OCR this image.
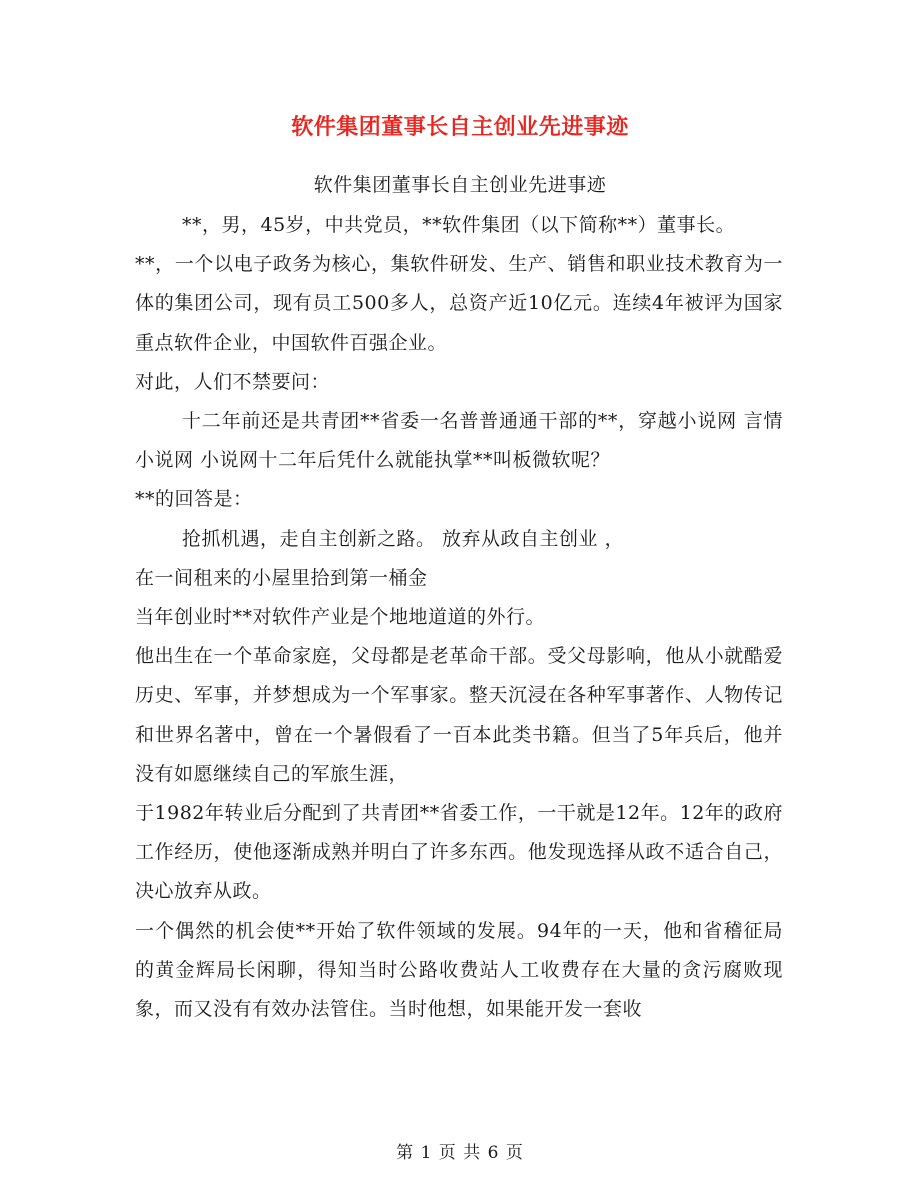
软件集团董事长自主创业先进事迹
软件集团董事长自主创业先进事迹

**，男，45岁，中共党员，**软件集团（以下简称**）董事长。

**，一个以电子政务为核心，集软件研发、生产、销售和职业技术教育为一体的集团公司，现有员工500多人，总资产近10亿元。连续4年被评为国家重点软件企业，中国软件百强企业。

对此，人们不禁要问：

十二年前还是共青团**省委一名普普通通干部的**，穿越小说网 言情小说网 小说网十二年后凭什么就能执掌**叫板微软呢？

**的回答是：

抢抓机遇，走自主创新之路。 放弃从政自主创业 ，

在一间租来的小屋里拾到第一桶金

当年创业时**对软件产业是个地地道道的外行。

他出生在一个革命家庭，父母都是老革命干部。受父母影响，他从小就酷爱历史、军事，并梦想成为一个军事家。整天沉浸在各种军事著作、人物传记和世界名著中，曾在一个暑假看了一百本此类书籍。但当了5年兵后，他并没有如愿继续自己的军旅生涯，

于1982年转业后分配到了共青团**省委工作，一干就是12年。12年的政府工作经历，使他逐渐成熟并明白了许多东西。他发现选择从政不适合自己，决心放弃从政。

一个偶然的机会使**开始了软件领域的发展。94年的一天，他和省稽征局的黄金辉局长闲聊，得知当时公路收费站人工收费存在大量的贪污腐败现象，而又没有有效办法管住。当时他想，如果能开发一套收

第 1 页 共 6 页
